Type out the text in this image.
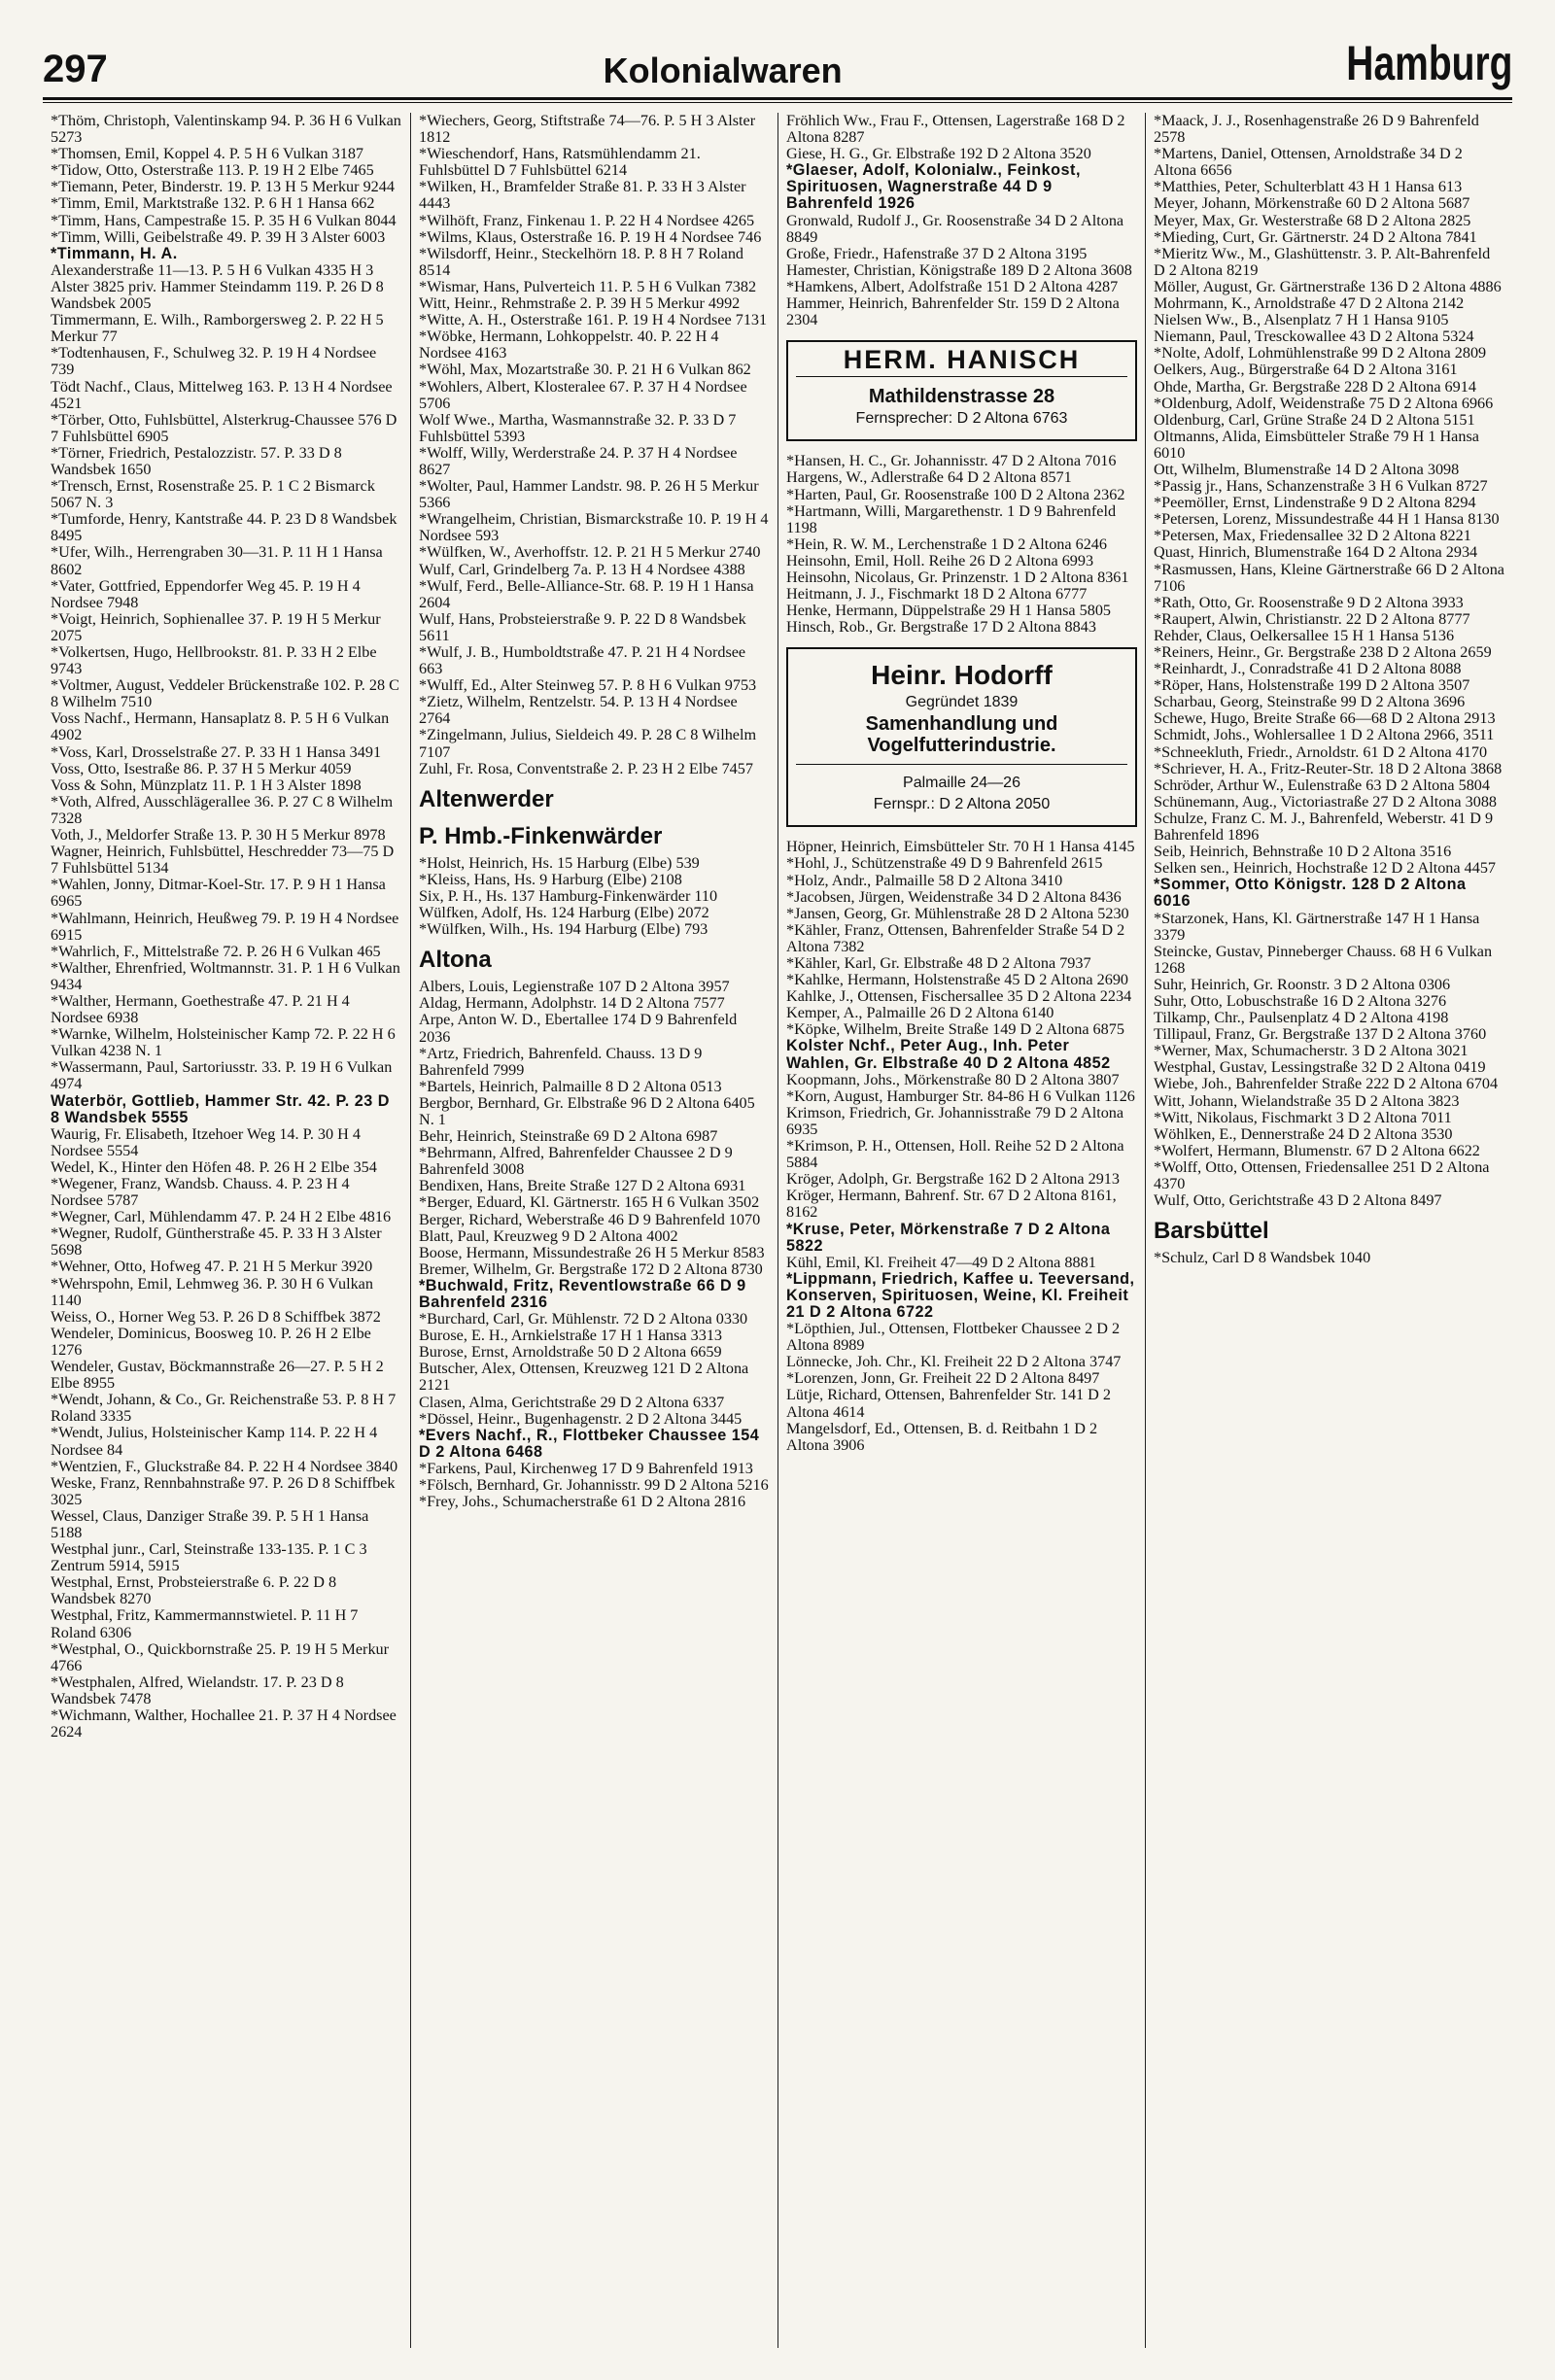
297	Kolonialwaren	Hamburg
*Thöm, Christoph, Valentinskamp 94. P. 36 H 6 Vulkan 5273
*Thomsen, Emil, Koppel 4. P. 5 H 6 Vulkan 3187
*Tidow, Otto, Osterstraße 113. P. 19 H 2 Elbe 7465
*Tiemann, Peter, Binderstr. 19. P. 13 H 5 Merkur 9244
*Timm, Emil, Marktstraße 132. P. 6 H 1 Hansa 662
*Timm, Hans, Campestraße 15. P. 35 H 6 Vulkan 8044
*Timm, Willi, Geibelstraße 49. P. 39 H 3 Alster 6003
*Timmann, H. A.
Alexanderstraße 11—13. P. 5 H 6 Vulkan 4335 H 3 Alster 3825 priv. Hammer Steindamm 119. P. 26 D 8 Wandsbek 2005
Timmermann, E. Wilh., Ramborgersweg 2. P. 22 H 5 Merkur 77
*Todtenhausen, F., Schulweg 32. P. 19 H 4 Nordsee 739
Tödt Nachf., Claus, Mittelweg 163. P. 13 H 4 Nordsee 4521
*Törber, Otto, Fuhlsbüttel, Alsterkrug-Chaussee 576 D 7 Fuhlsbüttel 6905
*Törner, Friedrich, Pestalozzistr. 57. P. 33 D 8 Wandsbek 1650
*Trensch, Ernst, Rosenstraße 25. P. 1 C 2 Bismarck 5067 N. 3
*Tumforde, Henry, Kantstraße 44. P. 23 D 8 Wandsbek 8495
*Ufer, Wilh., Herrengraben 30—31. P. 11 H 1 Hansa 8602
*Vater, Gottfried, Eppendorfer Weg 45. P. 19 H 4 Nordsee 7948
*Voigt, Heinrich, Sophienallee 37. P. 19 H 5 Merkur 2075
*Volkertsen, Hugo, Hellbrookstr. 81. P. 33 H 2 Elbe 9743
*Voltmer, August, Veddeler Brückenstraße 102. P. 28 C 8 Wilhelm 7510
Voss Nachf., Hermann, Hansaplatz 8. P. 5 H 6 Vulkan 4902
*Voss, Karl, Drosselstraße 27. P. 33 H 1 Hansa 3491
Voss, Otto, Isestraße 86. P. 37 H 5 Merkur 4059
Voss & Sohn, Münzplatz 11. P. 1 H 3 Alster 1898
*Voth, Alfred, Ausschlägerallee 36. P. 27 C 8 Wilhelm 7328
Voth, J., Meldorfer Straße 13. P. 30 H 5 Merkur 8978
Wagner, Heinrich, Fuhlsbüttel, Heschredder 73—75 D 7 Fuhlsbüttel 5134
*Wahlen, Jonny, Ditmar-Koel-Str. 17. P. 9 H 1 Hansa 6965
*Wahlmann, Heinrich, Heußweg 79. P. 19 H 4 Nordsee 6915
*Wahrlich, F., Mittelstraße 72. P. 26 H 6 Vulkan 465
*Walther, Ehrenfried, Woltmannstr. 31. P. 1 H 6 Vulkan 9434
*Walther, Hermann, Goethestraße 47. P. 21 H 4 Nordsee 6938
*Warnke, Wilhelm, Holsteinischer Kamp 72. P. 22 H 6 Vulkan 4238 N. 1
*Wassermann, Paul, Sartoriusstr. 33. P. 19 H 6 Vulkan 4974
Waterbör, Gottlieb, Hammer Str. 42. P. 23 D 8 Wandsbek 5555
Waurig, Fr. Elisabeth, Itzehoer Weg 14. P. 30 H 4 Nordsee 5554
Wedel, K., Hinter den Höfen 48. P. 26 H 2 Elbe 354
*Wegener, Franz, Wandsb. Chauss. 4. P. 23 H 4 Nordsee 5787
*Wegner, Carl, Mühlendamm 47. P. 24 H 2 Elbe 4816
*Wegner, Rudolf, Güntherstraße 45. P. 33 H 3 Alster 5698
*Wehner, Otto, Hofweg 47. P. 21 H 5 Merkur 3920
*Wehrspohn, Emil, Lehmweg 36. P. 30 H 6 Vulkan 1140
Weiss, O., Horner Weg 53. P. 26 D 8 Schiffbek 3872
Wendeler, Dominicus, Boosweg 10. P. 26 H 2 Elbe 1276
Wendeler, Gustav, Böckmannstraße 26—27. P. 5 H 2 Elbe 8955
*Wendt, Johann, & Co., Gr. Reichenstraße 53. P. 8 H 7 Roland 3335
*Wendt, Julius, Holsteinischer Kamp 114. P. 22 H 4 Nordsee 84
*Wentzien, F., Gluckstraße 84. P. 22 H 4 Nordsee 3840
Weske, Franz, Rennbahnstraße 97. P. 26 D 8 Schiffbek 3025
Wessel, Claus, Danziger Straße 39. P. 5 H 1 Hansa 5188
Westphal junr., Carl, Steinstraße 133-135. P. 1 C 3 Zentrum 5914, 5915
Westphal, Ernst, Probsteierstraße 6. P. 22 D 8 Wandsbek 8270
Westphal, Fritz, Kammermannstwietel. P. 11 H 7 Roland 6306
*Westphal, O., Quickbornstraße 25. P. 19 H 5 Merkur 4766
*Westphalen, Alfred, Wielandstr. 17. P. 23 D 8 Wandsbek 7478
*Wichmann, Walther, Hochallee 21. P. 37 H 4 Nordsee 2624
*Wiechers, Georg, Stiftstraße 74—76. P. 5 H 3 Alster 1812
*Wieschendorf, Hans, Ratsmühlendamm 21. Fuhlsbüttel D 7 Fuhlsbüttel 6214
*Wilken, H., Bramfelder Straße 81. P. 33 H 3 Alster 4443
*Wilhöft, Franz, Finkenau 1. P. 22 H 4 Nordsee 4265
*Wilms, Klaus, Osterstraße 16. P. 19 H 4 Nordsee 746
*Wilsdorff, Heinr., Steckelhörn 18. P. 8 H 7 Roland 8514
*Wismar, Hans, Pulverteich 11. P. 5 H 6 Vulkan 7382
Witt, Heinr., Rehmstraße 2. P. 39 H 5 Merkur 4992
*Witte, A. H., Osterstraße 161. P. 19 H 4 Nordsee 7131
*Wöbke, Hermann, Lohkoppelstr. 40. P. 22 H 4 Nordsee 4163
*Wöhl, Max, Mozartstraße 30. P. 21 H 6 Vulkan 862
*Wohlers, Albert, Klosteralee 67. P. 37 H 4 Nordsee 5706
Wolf Wwe., Martha, Wasmannstraße 32. P. 33 D 7 Fuhlsbüttel 5393
*Wolff, Willy, Werderstraße 24. P. 37 H 4 Nordsee 8627
*Wolter, Paul, Hammer Landstr. 98. P. 26 H 5 Merkur 5366
*Wrangelheim, Christian, Bismarckstraße 10. P. 19 H 4 Nordsee 593
*Wülfken, W., Averhoffstr. 12. P. 21 H 5 Merkur 2740
Wulf, Carl, Grindelberg 7a. P. 13 H 4 Nordsee 4388
*Wulf, Ferd., Belle-Alliance-Str. 68. P. 19 H 1 Hansa 2604
Wulf, Hans, Probsteierstraße 9. P. 22 D 8 Wandsbek 5611
*Wulf, J. B., Humboldtstraße 47. P. 21 H 4 Nordsee 663
*Wulff, Ed., Alter Steinweg 57. P. 8 H 6 Vulkan 9753
*Zietz, Wilhelm, Rentzelstr. 54. P. 13 H 4 Nordsee 2764
*Zingelmann, Julius, Sieldeich 49. P. 28 C 8 Wilhelm 7107
Zuhl, Fr. Rosa, Conventstraße 2. P. 23 H 2 Elbe 7457
Altenwerder
P. Hmb.-Finkenwärder
*Holst, Heinrich, Hs. 15 Harburg (Elbe) 539
*Kleiss, Hans, Hs. 9 Harburg (Elbe) 2108
Six, P. H., Hs. 137 Hamburg-Finkenwärder 110
Wülfken, Adolf, Hs. 124 Harburg (Elbe) 2072
*Wülfken, Wilh., Hs. 194 Harburg (Elbe) 793
Altona
Albers, Louis, Legienstraße 107 D 2 Altona 3957
Aldag, Hermann, Adolphstr. 14 D 2 Altona 7577
Arpe, Anton W. D., Ebertallee 174 D 9 Bahrenfeld 2036
*Artz, Friedrich, Bahrenfeld. Chauss. 13 D 9 Bahrenfeld 7999
*Bartels, Heinrich, Palmaille 8 D 2 Altona 0513
Bergbor, Bernhard, Gr. Elbstraße 96 D 2 Altona 6405 N. 1
Behr, Heinrich, Steinstraße 69 D 2 Altona 6987
*Behrmann, Alfred, Bahrenfelder Chaussee 2 D 9 Bahrenfeld 3008
Bendixen, Hans, Breite Straße 127 D 2 Altona 6931
*Berger, Eduard, Kl. Gärtnerstr. 165 H 6 Vulkan 3502
Berger, Richard, Weberstraße 46 D 9 Bahrenfeld 1070
Blatt, Paul, Kreuzweg 9 D 2 Altona 4002
Boose, Hermann, Missundestraße 26 H 5 Merkur 8583
Bremer, Wilhelm, Gr. Bergstraße 172 D 2 Altona 8730
*Buchwald, Fritz, Reventlowstraße 66 D 9 Bahrenfeld 2316
*Burchard, Carl, Gr. Mühlenstr. 72 D 2 Altona 0330
Burose, E. H., Arnkielstraße 17 H 1 Hansa 3313
Burose, Ernst, Arnoldstraße 50 D 2 Altona 6659
Butscher, Alex, Ottensen, Kreuzweg 121 D 2 Altona 2121
Clasen, Alma, Gerichtstraße 29 D 2 Altona 6337
*Dössel, Heinr., Bugenhagenstr. 2 D 2 Altona 3445
*Evers Nachf., R., Flottbeker Chaussee 154 D 2 Altona 6468
*Farkens, Paul, Kirchenweg 17 D 9 Bahrenfeld 1913
*Fölsch, Bernhard, Gr. Johannisstr. 99 D 2 Altona 5216
*Frey, Johs., Schumacherstraße 61 D 2 Altona 2816
Fröhlich Ww., Frau F., Ottensen, Lagerstraße 168 D 2 Altona 8287
Giese, H. G., Gr. Elbstraße 192 D 2 Altona 3520
*Glaeser, Adolf, Kolonialw., Feinkost, Spirituosen, Wagnerstraße 44 D 9 Bahrenfeld 1926
Gronwald, Rudolf J., Gr. Roosenstraße 34 D 2 Altona 8849
Große, Friedr., Hafenstraße 37 D 2 Altona 3195
Hamester, Christian, Königstraße 189 D 2 Altona 3608
*Hamkens, Albert, Adolfstraße 151 D 2 Altona 4287
Hammer, Heinrich, Bahrenfelder Str. 159 D 2 Altona 2304
HERM. HANISCH
Mathildenstrasse 28
Fernsprecher: D 2 Altona 6763
*Hansen, H. C., Gr. Johannisstr. 47 D 2 Altona 7016
Hargens, W., Adlerstraße 64 D 2 Altona 8571
*Harten, Paul, Gr. Roosenstraße 100 D 2 Altona 2362
*Hartmann, Willi, Margarethenstr. 1 D 9 Bahrenfeld 1198
*Hein, R. W. M., Lerchenstraße 1 D 2 Altona 6246
Heinsohn, Emil, Holl. Reihe 26 D 2 Altona 6993
Heinsohn, Nicolaus, Gr. Prinzenstr. 1 D 2 Altona 8361
Heitmann, J. J., Fischmarkt 18 D 2 Altona 6777
Henke, Hermann, Düppelstraße 29 H 1 Hansa 5805
Hinsch, Rob., Gr. Bergstraße 17 D 2 Altona 8843
Heinr. Hodorff
Gegründet 1839
Samenhandlung und
Vogelfutterindustrie.
Palmaille 24—26
Fernspr.: D 2 Altona 2050
Höpner, Heinrich, Eimsbütteler Str. 70 H 1 Hansa 4145
*Hohl, J., Schützenstraße 49 D 9 Bahrenfeld 2615
*Holz, Andr., Palmaille 58 D 2 Altona 3410
*Jacobsen, Jürgen, Weidenstraße 34 D 2 Altona 8436
*Jansen, Georg, Gr. Mühlenstraße 28 D 2 Altona 5230
*Kähler, Franz, Ottensen, Bahrenfelder Straße 54 D 2 Altona 7382
*Kähler, Karl, Gr. Elbstraße 48 D 2 Altona 7937
*Kahlke, Hermann, Holstenstraße 45 D 2 Altona 2690
Kahlke, J., Ottensen, Fischersallee 35 D 2 Altona 2234
Kemper, A., Palmaille 26 D 2 Altona 6140
*Köpke, Wilhelm, Breite Straße 149 D 2 Altona 6875
Kolster Nchf., Peter Aug., Inh. Peter Wahlen, Gr. Elbstraße 40 D 2 Altona 4852
Koopmann, Johs., Mörkenstraße 80 D 2 Altona 3807
*Korn, August, Hamburger Str. 84-86 H 6 Vulkan 1126
Krimson, Friedrich, Gr. Johannisstraße 79 D 2 Altona 6935
*Krimson, P. H., Ottensen, Holl. Reihe 52 D 2 Altona 5884
Kröger, Adolph, Gr. Bergstraße 162 D 2 Altona 2913
Kröger, Hermann, Bahrenf. Str. 67 D 2 Altona 8161, 8162
*Kruse, Peter, Mörkenstraße 7 D 2 Altona 5822
Kühl, Emil, Kl. Freiheit 47—49 D 2 Altona 8881
*Lippmann, Friedrich, Kaffee u. Teeversand, Konserven, Spirituosen, Weine, Kl. Freiheit 21 D 2 Altona 6722
*Löpthien, Jul., Ottensen, Flottbeker Chaussee 2 D 2 Altona 8989
Lönnecke, Joh. Chr., Kl. Freiheit 22 D 2 Altona 3747
*Lorenzen, Jonn, Gr. Freiheit 22 D 2 Altona 8497
Lütje, Richard, Ottensen, Bahrenfelder Str. 141 D 2 Altona 4614
Mangelsdorf, Ed., Ottensen, B. d. Reitbahn 1 D 2 Altona 3906
*Maack, J. J., Rosenhagenstraße 26 D 9 Bahrenfeld 2578
*Martens, Daniel, Ottensen, Arnoldstraße 34 D 2 Altona 6656
*Matthies, Peter, Schulterblatt 43 H 1 Hansa 613
Meyer, Johann, Mörkenstraße 60 D 2 Altona 5687
Meyer, Max, Gr. Westerstraße 68 D 2 Altona 2825
*Mieding, Curt, Gr. Gärtnerstr. 24 D 2 Altona 7841
*Mieritz Ww., M., Glashüttenstr. 3. P. Alt-Bahrenfeld D 2 Altona 8219
Möller, August, Gr. Gärtnerstraße 136 D 2 Altona 4886
Mohrmann, K., Arnoldstraße 47 D 2 Altona 2142
Nielsen Ww., B., Alsenplatz 7 H 1 Hansa 9105
Niemann, Paul, Tresckowallee 43 D 2 Altona 5324
*Nolte, Adolf, Lohmühlenstraße 99 D 2 Altona 2809
Oelkers, Aug., Bürgerstraße 64 D 2 Altona 3161
Ohde, Martha, Gr. Bergstraße 228 D 2 Altona 6914
*Oldenburg, Adolf, Weidenstraße 75 D 2 Altona 6966
Oldenburg, Carl, Grüne Straße 24 D 2 Altona 5151
Oltmanns, Alida, Eimsbütteler Straße 79 H 1 Hansa 6010
Ott, Wilhelm, Blumenstraße 14 D 2 Altona 3098
*Passig jr., Hans, Schanzenstraße 3 H 6 Vulkan 8727
*Peemöller, Ernst, Lindenstraße 9 D 2 Altona 8294
*Petersen, Lorenz, Missundestraße 44 H 1 Hansa 8130
*Petersen, Max, Friedensallee 32 D 2 Altona 8221
Quast, Hinrich, Blumenstraße 164 D 2 Altona 2934
*Rasmussen, Hans, Kleine Gärtnerstraße 66 D 2 Altona 7106
*Rath, Otto, Gr. Roosenstraße 9 D 2 Altona 3933
*Raupert, Alwin, Christianstr. 22 D 2 Altona 8777
Rehder, Claus, Oelkersallee 15 H 1 Hansa 5136
*Reiners, Heinr., Gr. Bergstraße 238 D 2 Altona 2659
*Reinhardt, J., Conradstraße 41 D 2 Altona 8088
*Röper, Hans, Holstenstraße 199 D 2 Altona 3507
Scharbau, Georg, Steinstraße 99 D 2 Altona 3696
Schewe, Hugo, Breite Straße 66—68 D 2 Altona 2913
Schmidt, Johs., Wohlersallee 1 D 2 Altona 2966, 3511
*Schneekluth, Friedr., Arnoldstr. 61 D 2 Altona 4170
*Schriever, H. A., Fritz-Reuter-Str. 18 D 2 Altona 3868
Schröder, Arthur W., Eulenstraße 63 D 2 Altona 5804
Schünemann, Aug., Victoriastraße 27 D 2 Altona 3088
Schulze, Franz C. M. J., Bahrenfeld, Weberstr. 41 D 9 Bahrenfeld 1896
Seib, Heinrich, Behnstraße 10 D 2 Altona 3516
Selken sen., Heinrich, Hochstraße 12 D 2 Altona 4457
*Sommer, Otto Königstr. 128 D 2 Altona 6016
*Starzonek, Hans, Kl. Gärtnerstraße 147 H 1 Hansa 3379
Steincke, Gustav, Pinneberger Chauss. 68 H 6 Vulkan 1268
Suhr, Heinrich, Gr. Roonstr. 3 D 2 Altona 0306
Suhr, Otto, Lobuschstraße 16 D 2 Altona 3276
Tilkamp, Chr., Paulsenplatz 4 D 2 Altona 4198
Tillipaul, Franz, Gr. Bergstraße 137 D 2 Altona 3760
*Werner, Max, Schumacherstr. 3 D 2 Altona 3021
Westphal, Gustav, Lessingstraße 32 D 2 Altona 0419
Wiebe, Joh., Bahrenfelder Straße 222 D 2 Altona 6704
Witt, Johann, Wielandstraße 35 D 2 Altona 3823
*Witt, Nikolaus, Fischmarkt 3 D 2 Altona 7011
Wöhlken, E., Dennerstraße 24 D 2 Altona 3530
*Wolfert, Hermann, Blumenstr. 67 D 2 Altona 6622
*Wolff, Otto, Ottensen, Friedensallee 251 D 2 Altona 4370
Wulf, Otto, Gerichtstraße 43 D 2 Altona 8497
Barsbüttel
*Schulz, Carl D 8 Wandsbek 1040
